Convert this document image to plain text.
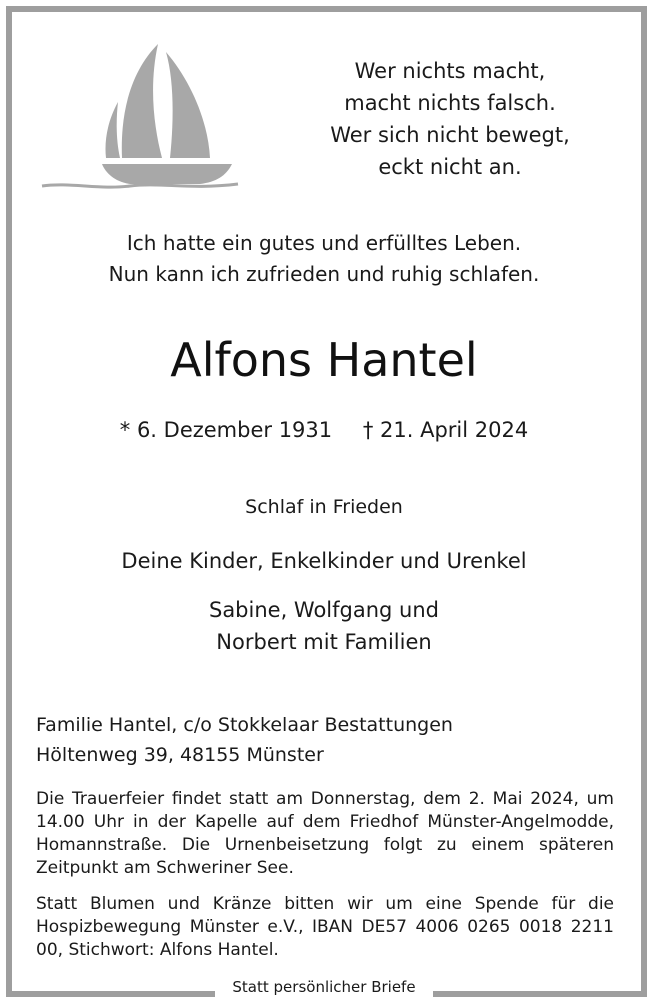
Wer nichts macht,
macht nichts falsch.
Wer sich nicht bewegt,
eckt nicht an.
Ich hatte ein gutes und erfülltes Leben.
Nun kann ich zufrieden und ruhig schlafen.
Alfons Hantel
* 6. Dezember 1931 † 21. April 2024
Schlaf in Frieden
Deine Kinder, Enkelkinder und Urenkel
Sabine, Wolfgang und
Norbert mit Familien
Familie Hantel, c/o Stokkelaar Bestattungen
Höltenweg 39, 48155 Münster
Die Trauerfeier findet statt am Donnerstag, dem 2. Mai 2024, um 14.00 Uhr in der Kapelle auf dem Friedhof Münster-Angelmodde, Homannstraße. Die Urnenbeisetzung folgt zu einem späteren Zeitpunkt am Schweriner See.
Statt Blumen und Kränze bitten wir um eine Spende für die Hospizbewegung Münster e.V., IBAN DE57 4006 0265 0018 2211 00, Stichwort: Alfons Hantel.
Statt persönlicher Briefe
